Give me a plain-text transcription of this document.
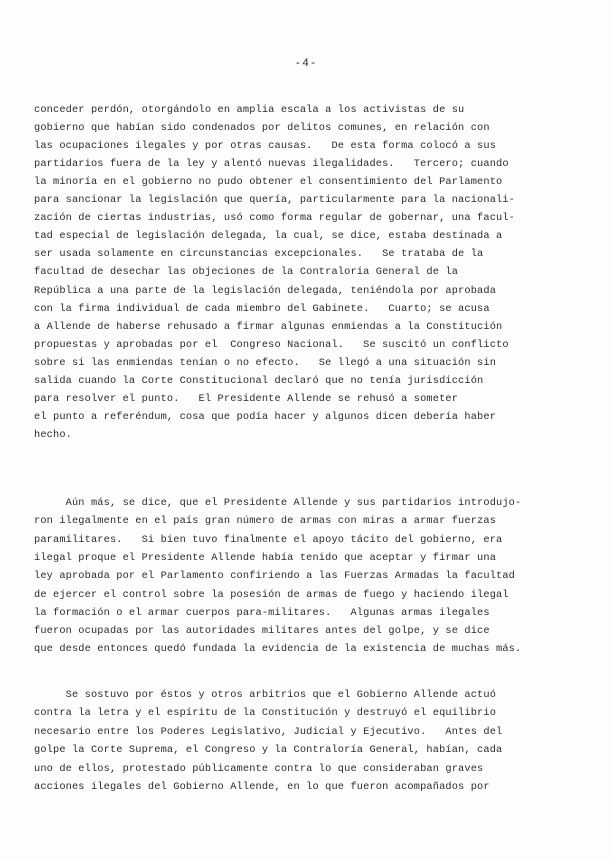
-4-
conceder perdón, otorgándolo en amplia escala a los activistas de su
gobierno que habían sido condenados por delitos comunes, en relación con
las ocupaciones ilegales y por otras causas.   De esta forma colocó a sus
partidarios fuera de la ley y alentó nuevas ilegalidades.   Tercero; cuando
la minoría en el gobierno no pudo obtener el consentimiento del Parlamento
para sancionar la legislación que quería, particularmente para la nacionali-
zación de ciertas industrias, usó como forma regular de gobernar, una facul-
tad especial de legislación delegada, la cual, se dice, estaba destinada a
ser usada solamente en circunstancias excepcionales.   Se trataba de la
facultad de desechar las objeciones de la Contraloría General de la
República a una parte de la legislación delegada, teniéndola por aprobada
con la firma individual de cada miembro del Gabinete.   Cuarto; se acusa
a Allende de haberse rehusado a firmar algunas enmiendas a la Constitución
propuestas y aprobadas por el  Congreso Nacional.   Se suscitó un conflicto
sobre si las enmiendas tenían o no efecto.   Se llegó a una situación sin
salida cuando la Corte Constitucional declaró que no tenía jurisdicción
para resolver el punto.   El Presidente Allende se rehusó a someter
el punto a referéndum, cosa que podía hacer y algunos dicen debería haber
hecho.
Aún más, se dice, que el Presidente Allende y sus partidarios introdujo-
ron ilegalmente en el país gran número de armas con miras a armar fuerzas
paramilitares.   Si bien tuvo finalmente el apoyo tácito del gobierno, era
ilegal proque el Presidente Allende había tenido que aceptar y firmar una
ley aprobada por el Parlamento confiriendo a las Fuerzas Armadas la facultad
de ejercer el control sobre la posesión de armas de fuego y haciendo ilegal
la formación o el armar cuerpos para-militares.   Algunas armas ilegales
fueron ocupadas por las autoridades militares antes del golpe, y se dice
que desde entonces quedó fundada la evidencia de la existencia de muchas más.
Se sostuvo por éstos y otros arbitrios que el Gobierno Allende actuó
contra la letra y el espíritu de la Constitución y destruyó el equilibrio
necesario entre los Poderes Legislativo, Judicial y Ejecutivo.   Antes del
golpe la Corte Suprema, el Congreso y la Contraloría General, habían, cada
uno de ellos, protestado públicamente contra lo que consideraban graves
acciones ilegales del Gobierno Allende, en lo que fueron acompañados por
